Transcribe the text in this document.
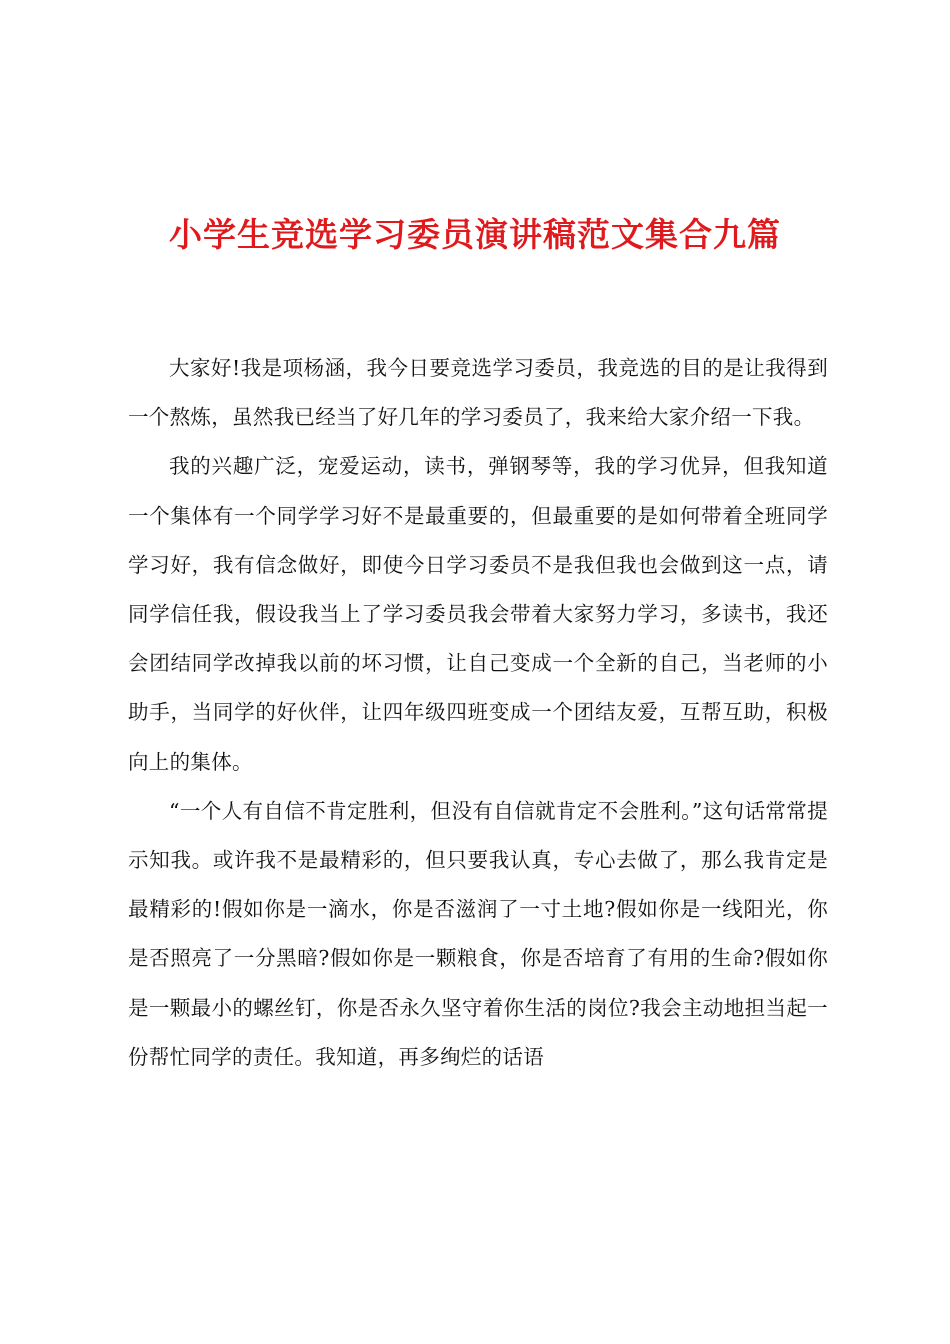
小学生竞选学习委员演讲稿范文集合九篇

大家好!我是项杨涵，我今日要竞选学习委员，我竞选的目的是让我得到一个熬炼，虽然我已经当了好几年的学习委员了，我来给大家介绍一下我。

我的兴趣广泛，宠爱运动，读书，弹钢琴等，我的学习优异，但我知道一个集体有一个同学学习好不是最重要的，但最重要的是如何带着全班同学学习好，我有信念做好，即使今日学习委员不是我但我也会做到这一点，请同学信任我，假设我当上了学习委员我会带着大家努力学习，多读书，我还会团结同学改掉我以前的坏习惯，让自己变成一个全新的自己，当老师的小助手，当同学的好伙伴，让四年级四班变成一个团结友爱，互帮互助，积极向上的集体。

“一个人有自信不肯定胜利，但没有自信就肯定不会胜利。”这句话常常提示知我。或许我不是最精彩的，但只要我认真，专心去做了，那么我肯定是最精彩的!假如你是一滴水，你是否滋润了一寸土地?假如你是一线阳光，你是否照亮了一分黑暗?假如你是一颗粮食，你是否培育了有用的生命?假如你是一颗最小的螺丝钉，你是否永久坚守着你生活的岗位?我会主动地担当起一份帮忙同学的责任。我知道，再多绚烂的话语
